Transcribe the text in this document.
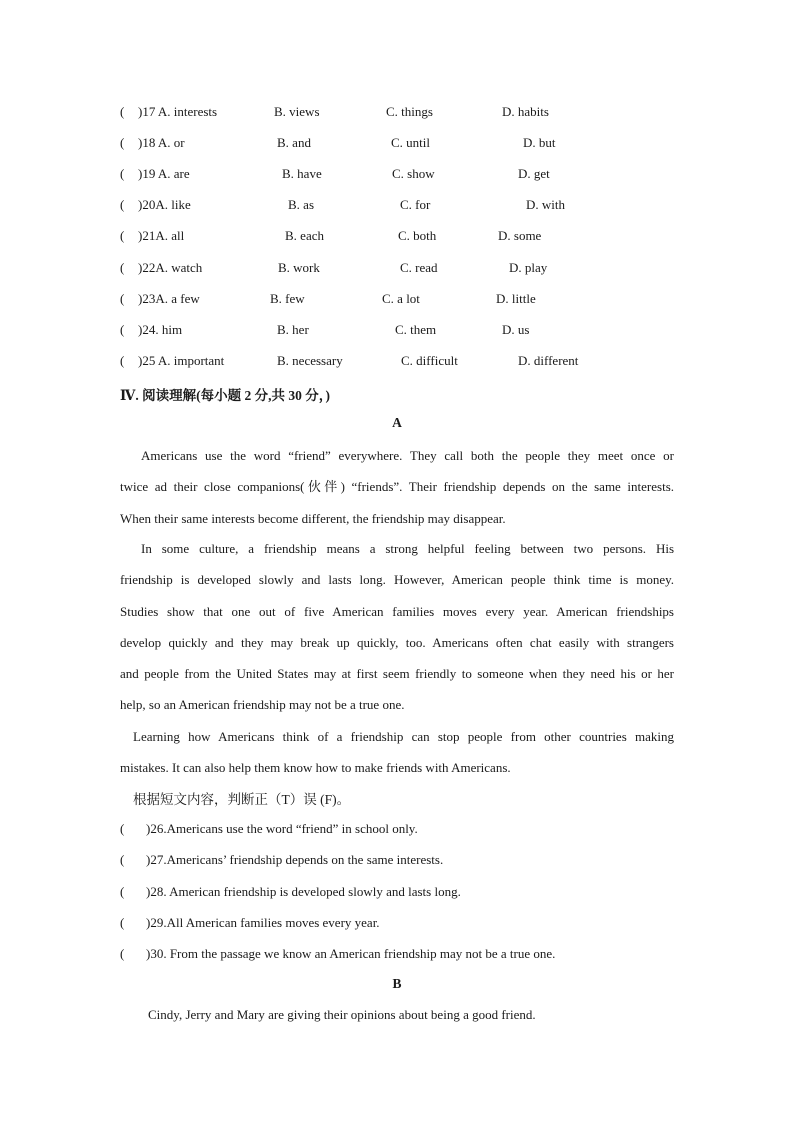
( )17 A. interests	B. views	C. things	D. habits
( )18 A. or	B. and	C. until	D. but
( )19 A. are	B. have	C. show	D. get
( )20A. like	B. as	C. for	D. with
( )21A. all	B. each	C. both	D. some
( )22A. watch	B. work	C. read	D. play
( )23A. a few	B. few	C. a lot	D. little
( )24. him	B. her	C. them	D. us
( )25 A. important	B. necessary	C. difficult	D. different
Ⅳ. 阅读理解(每小题 2 分,共 30 分，)
A
Americans use the word “friend” everywhere. They call both the people they meet once or
twice ad their close companions(伙伴) “friends”. Their friendship depends on the same interests.
When their same interests become different, the friendship may disappear.
In some culture, a friendship means a strong helpful feeling between two persons. His
friendship is developed slowly and lasts long. However, American people think time is money.
Studies show that one out of five American families moves every year. American friendships
develop quickly and they may break up quickly, too. Americans often chat easily with strangers
and people from the United States may at first seem friendly to someone when they need his or her
help, so an American friendship may not be a true one.
Learning how Americans think of a friendship can stop people from other countries making
mistakes. It can also help them know how to make friends with Americans.
根据短文内容，判断正（T）误 (F)。
( )26.Americans use the word “friend” in school only.
( )27.Americans’ friendship depends on the same interests.
( )28. American friendship is developed slowly and lasts long.
( )29.All American families moves every year.
( )30. From the passage we know an American friendship may not be a true one.
B
Cindy, Jerry and Mary are giving their opinions about being a good friend.
